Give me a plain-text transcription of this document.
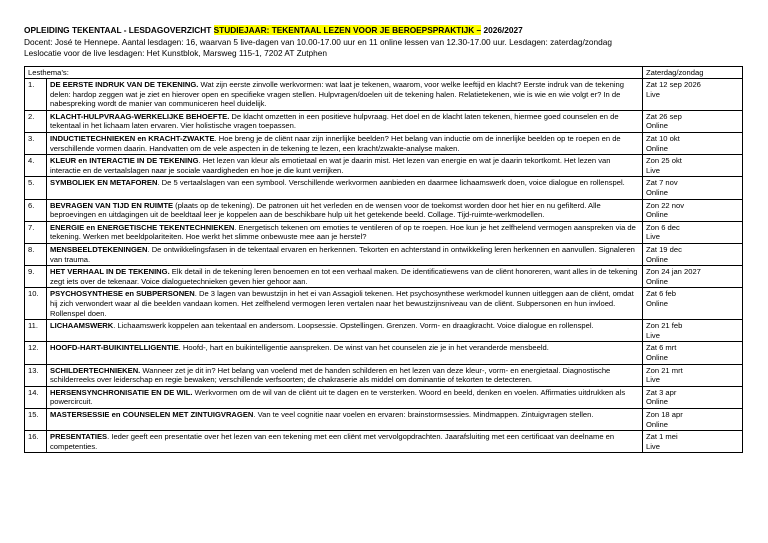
OPLEIDING TEKENTAAL - LESDAGOVERZICHT STUDIEJAAR: TEKENTAAL LEZEN VOOR JE BEROEPSPRAKTIJK – 2026/2027
Docent: José te Hennepe. Aantal lesdagen: 16, waarvan 5 live-dagen van 10.00-17.00 uur en 11 online lessen van 12.30-17.00 uur. Lesdagen: zaterdag/zondag
Leslocatie voor de live lesdagen: Het Kunstblok, Marsweg 115-1, 7202 AT Zutphen
Lesthema’s:		Zaterdag/zondag
1.	DE EERSTE INDRUK VAN DE TEKENING. Wat zijn eerste zinvolle werkvormen: wat laat je tekenen, waarom, voor welke leeftijd en klacht? Eerste indruk van de tekening delen: hardop zeggen wat je ziet en hierover open en specifieke vragen stellen. Hulpvragen/doelen uit de tekening halen. Relatietekenen, wie is wie en wie volgt er? In de nabespreking wordt de manier van communiceren heel duidelijk.	Zat 12 sep 2026
Live

2.	KLACHT-HULPVRAAG-WERKELIJKE BEHOEFTE. De klacht omzetten in een positieve hulpvraag. Het doel en de klacht laten tekenen, hiermee goed counselen en de tekentaal in het lichaam laten ervaren. Vier holistische vragen toepassen.	Zat 26 sep
Online

3.	INDUCTIETECHNIEKEN en KRACHT-ZWAKTE. Hoe breng je de cliënt naar zijn innerlijke beelden? Het belang van inductie om de innerlijke beelden op te roepen en de verschillende vormen daarin. Handvatten om de vele aspecten in de tekening te lezen, een kracht/zwakte-analyse maken.	Zat 10 okt
Online

4.	KLEUR en INTERACTIE IN DE TEKENING. Het lezen van kleur als emotietaal en wat je daarin mist. Het lezen van energie en wat je daarin tekortkomt. Het lezen van interactie en de vertaalslagen naar je sociale vaardigheden en hoe je die kunt verrijken.	Zon 25 okt
Live

5.	SYMBOLIEK EN METAFOREN. De 5 vertaalslagen van een symbool. Verschillende werkvormen aanbieden en daarmee lichaamswerk doen, voice dialogue en rollenspel.	Zat 7 nov
Online

6.	BEVRAGEN VAN TIJD EN RUIMTE (plaats op de tekening). De patronen uit het verleden en de wensen voor de toekomst worden door het hier en nu gefilterd. Alle beproevingen en uitdagingen uit de beeldtaal leer je koppelen aan de beschikbare hulp uit het getekende beeld. Collage. Tijd-ruimte-werkmodellen.	Zon 22 nov
Online

7.	ENERGIE en ENERGETISCHE TEKENTECHNIEKEN. Energetisch tekenen om emoties te ventileren of op te roepen. Hoe kun je het zelfhelend vermogen aanspreken via de tekening. Werken met beeldpolariteiten. Hoe werkt het slimme onbewuste mee aan je herstel?	Zon 6 dec
Live

8.	MENSBEELDTEKENINGEN. De ontwikkelingsfasen in de tekentaal ervaren en herkennen. Tekorten en achterstand in ontwikkeling leren herkennen en aanvullen. Signaleren van trauma.	Zat 19 dec
Online

9.	HET VERHAAL IN DE TEKENING. Elk detail in de tekening leren benoemen en tot een verhaal maken. De identificatiewens van de cliënt honoreren, want alles in de tekening zegt iets over de tekenaar. Voice dialoguetechnieken geven hier gehoor aan.	Zon 24 jan 2027
Online

10.	PSYCHOSYNTHESE en SUBPERSONEN. De 3 lagen van bewustzijn in het ei van Assagioli tekenen. Het psychosynthese werkmodel kunnen uitleggen aan de cliënt, omdat hij zich verwondert waar al die beelden vandaan komen. Het zelfhelend vermogen leren vertalen naar het bewustzijnsniveau van de cliënt. Subpersonen en hun invloed. Rollenspel doen.	Zat 6 feb
Online

11.	LICHAAMSWERK. Lichaamswerk koppelen aan tekentaal en andersom. Loopsessie. Opstellingen. Grenzen. Vorm- en draagkracht. Voice dialogue en rollenspel.	Zon 21 feb
Live

12.	HOOFD-HART-BUIKINTELLIGENTIE. Hoofd-, hart en buikintelligentie aanspreken. De winst van het counselen zie je in het veranderde mensbeeld.	Zat 6 mrt
Online

13.	SCHILDERTECHNIEKEN. Wanneer zet je dit in? Het belang van voelend met de handen schilderen en het lezen van deze kleur-, vorm- en energietaal. Diagnostische schilderreeks over leiderschap en regie bewaken; verschillende verfsoorten; de chakraserie als middel om dominantie of tekorten te detecteren.	Zon 21 mrt
Live

14.	HERSENSYNCHRONISATIE EN DE WIL. Werkvormen om de wil van de cliënt uit te dagen en te versterken. Woord en beeld, denken en voelen. Affirmaties uitdrukken als powercircuit.	Zat 3 apr
Online

15.	MASTERSESSIE en COUNSELEN MET ZINTUIGVRAGEN. Van te veel cognitie naar voelen en ervaren: brainstormsessies. Mindmappen. Zintuigvragen stellen.	Zon 18 apr
Online

16.	PRESENTATIES. Ieder geeft een presentatie over het lezen van een tekening met een cliënt met vervolgopdrachten. Jaarafsluiting met een certificaat van deelname en competenties.	Zat 1 mei
Live
